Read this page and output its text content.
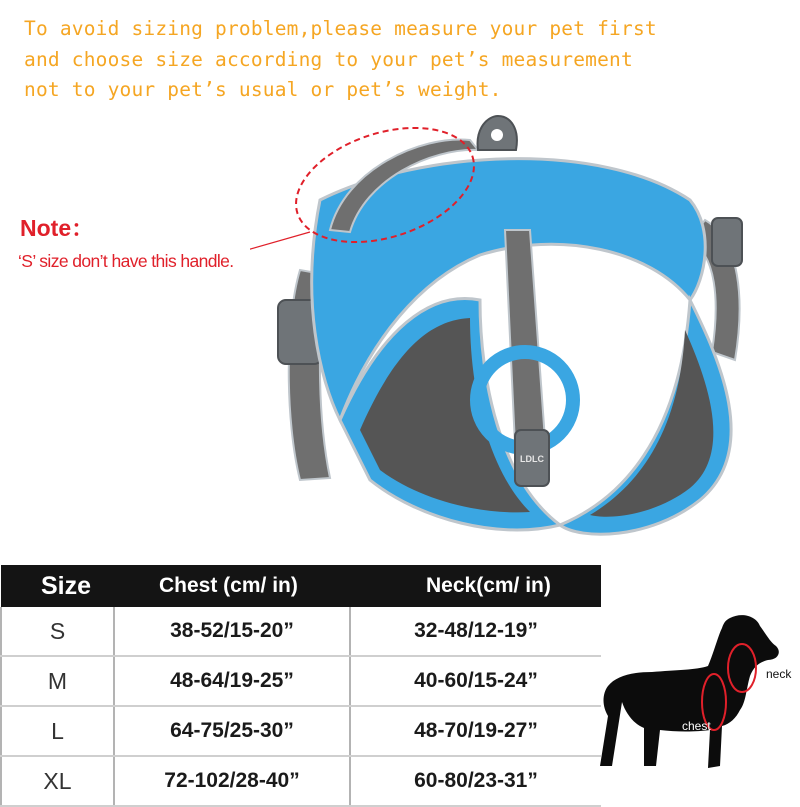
To avoid sizing problem,please measure your pet first
and choose size according to your pet’s measurement
not to your pet’s usual or pet’s weight.
Note：
‘S’ size don’t have this handle.
LDLC
Size	Chest (cm/ in)	Neck(cm/ in)
S	38-52/15-20”	32-48/12-19”
M	48-64/19-25”	40-60/15-24”
L	64-75/25-30”	48-70/19-27”
XL	72-102/28-40”	60-80/23-31”
neck
chest
